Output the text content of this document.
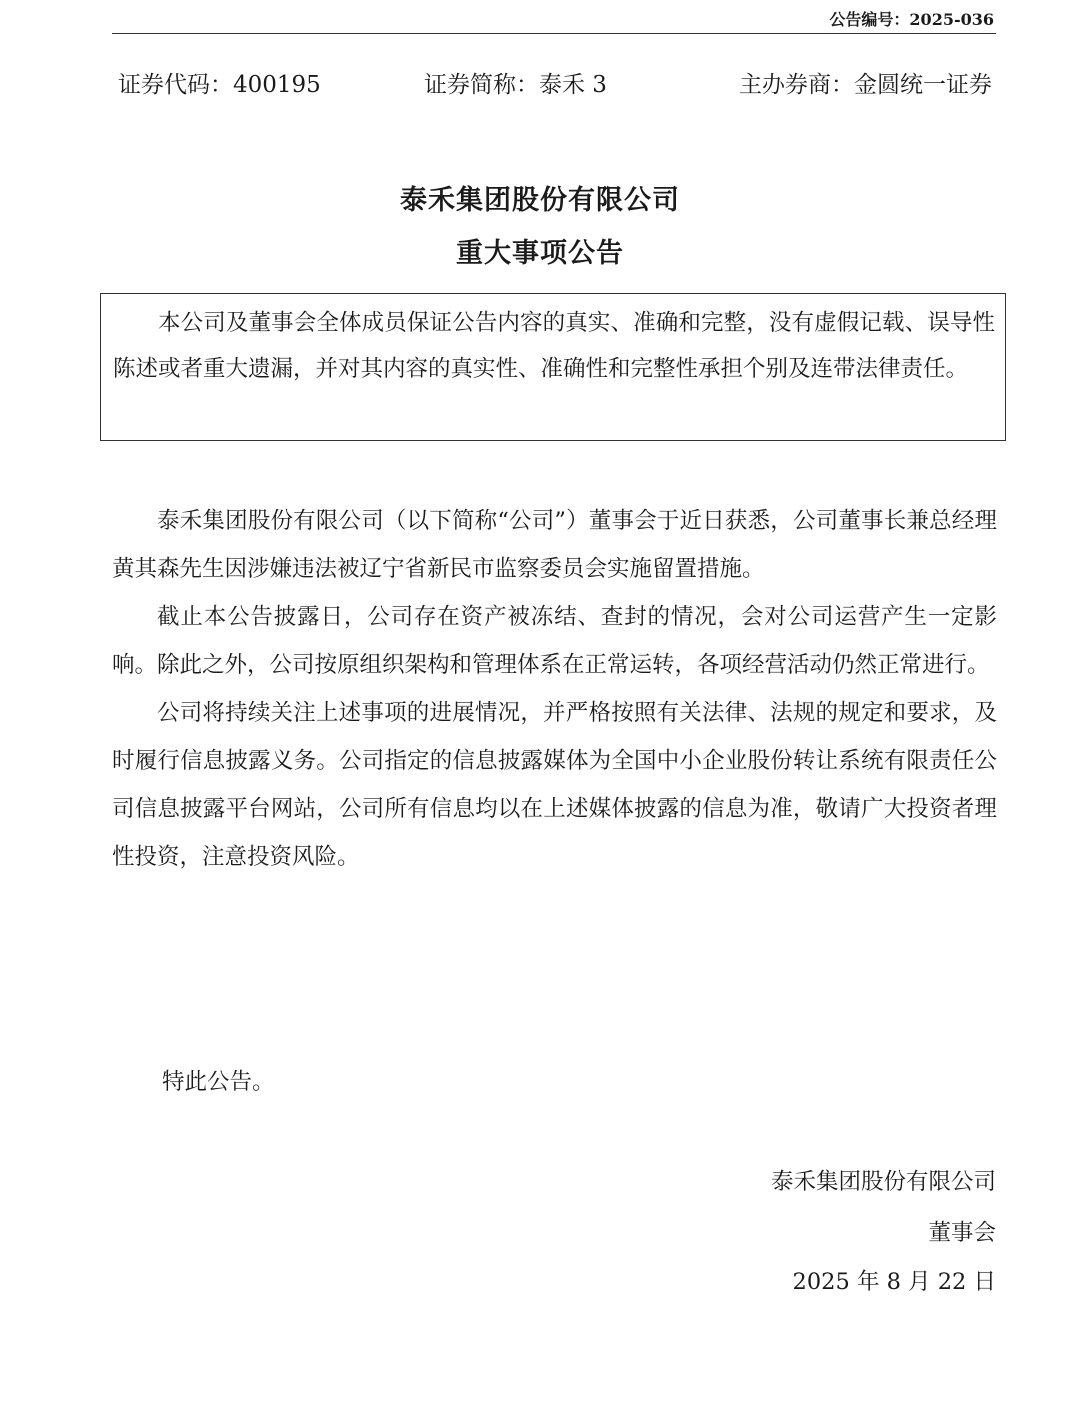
公告编号：2025-036
证券代码：400195	证券简称：泰禾 3	主办券商：金圆统一证券
泰禾集团股份有限公司
重大事项公告

本公司及董事会全体成员保证公告内容的真实、准确和完整，没有虚假记载、误导性陈述或者重大遗漏，并对其内容的真实性、准确性和完整性承担个别及连带法律责任。

泰禾集团股份有限公司（以下简称“公司”）董事会于近日获悉，公司董事长兼总经理黄其森先生因涉嫌违法被辽宁省新民市监察委员会实施留置措施。

截止本公告披露日，公司存在资产被冻结、查封的情况，会对公司运营产生一定影响。除此之外，公司按原组织架构和管理体系在正常运转，各项经营活动仍然正常进行。

公司将持续关注上述事项的进展情况，并严格按照有关法律、法规的规定和要求，及时履行信息披露义务。公司指定的信息披露媒体为全国中小企业股份转让系统有限责任公司信息披露平台网站，公司所有信息均以在上述媒体披露的信息为准，敬请广大投资者理性投资，注意投资风险。

特此公告。
泰禾集团股份有限公司
董事会
2025 年 8 月 22 日
